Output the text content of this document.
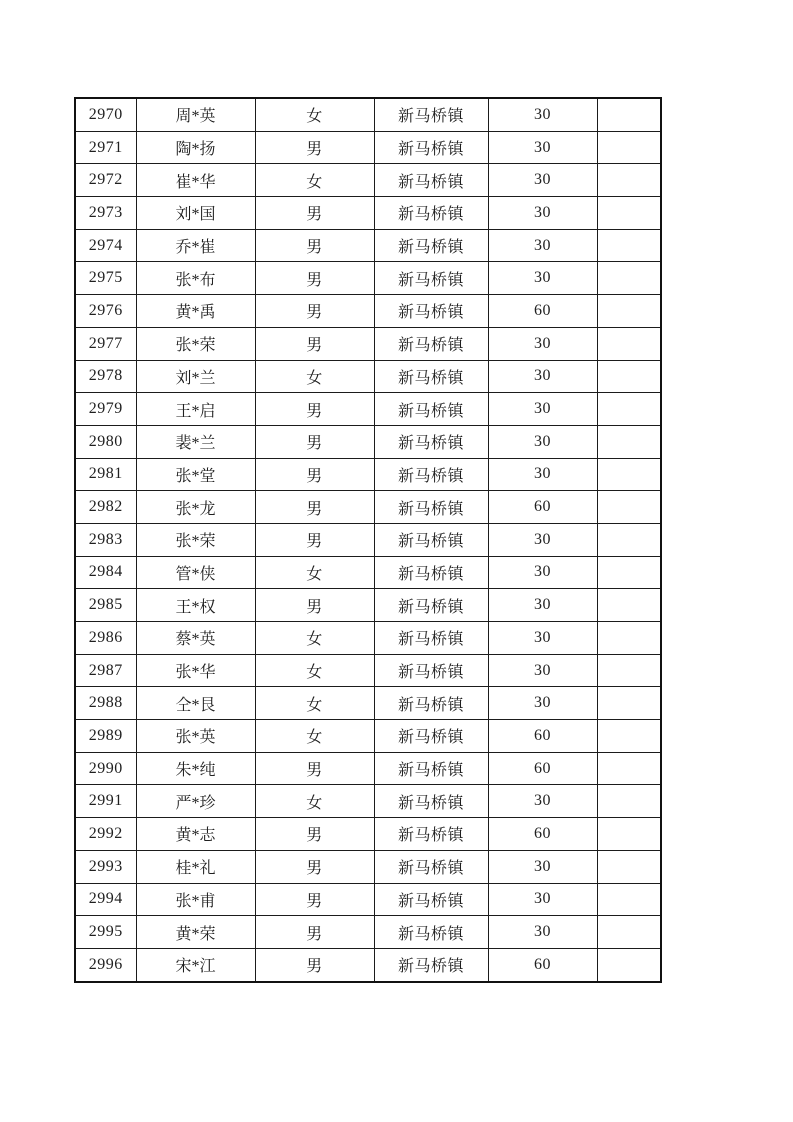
2970	周*英	女	新马桥镇	30	
2971	陶*扬	男	新马桥镇	30	
2972	崔*华	女	新马桥镇	30	
2973	刘*国	男	新马桥镇	30	
2974	乔*崔	男	新马桥镇	30	
2975	张*布	男	新马桥镇	30	
2976	黄*禹	男	新马桥镇	60	
2977	张*荣	男	新马桥镇	30	
2978	刘*兰	女	新马桥镇	30	
2979	王*启	男	新马桥镇	30	
2980	裴*兰	男	新马桥镇	30	
2981	张*堂	男	新马桥镇	30	
2982	张*龙	男	新马桥镇	60	
2983	张*荣	男	新马桥镇	30	
2984	管*侠	女	新马桥镇	30	
2985	王*权	男	新马桥镇	30	
2986	蔡*英	女	新马桥镇	30	
2987	张*华	女	新马桥镇	30	
2988	仝*艮	女	新马桥镇	30	
2989	张*英	女	新马桥镇	60	
2990	朱*纯	男	新马桥镇	60	
2991	严*珍	女	新马桥镇	30	
2992	黄*志	男	新马桥镇	60	
2993	桂*礼	男	新马桥镇	30	
2994	张*甫	男	新马桥镇	30	
2995	黄*荣	男	新马桥镇	30	
2996	宋*江	男	新马桥镇	60	
